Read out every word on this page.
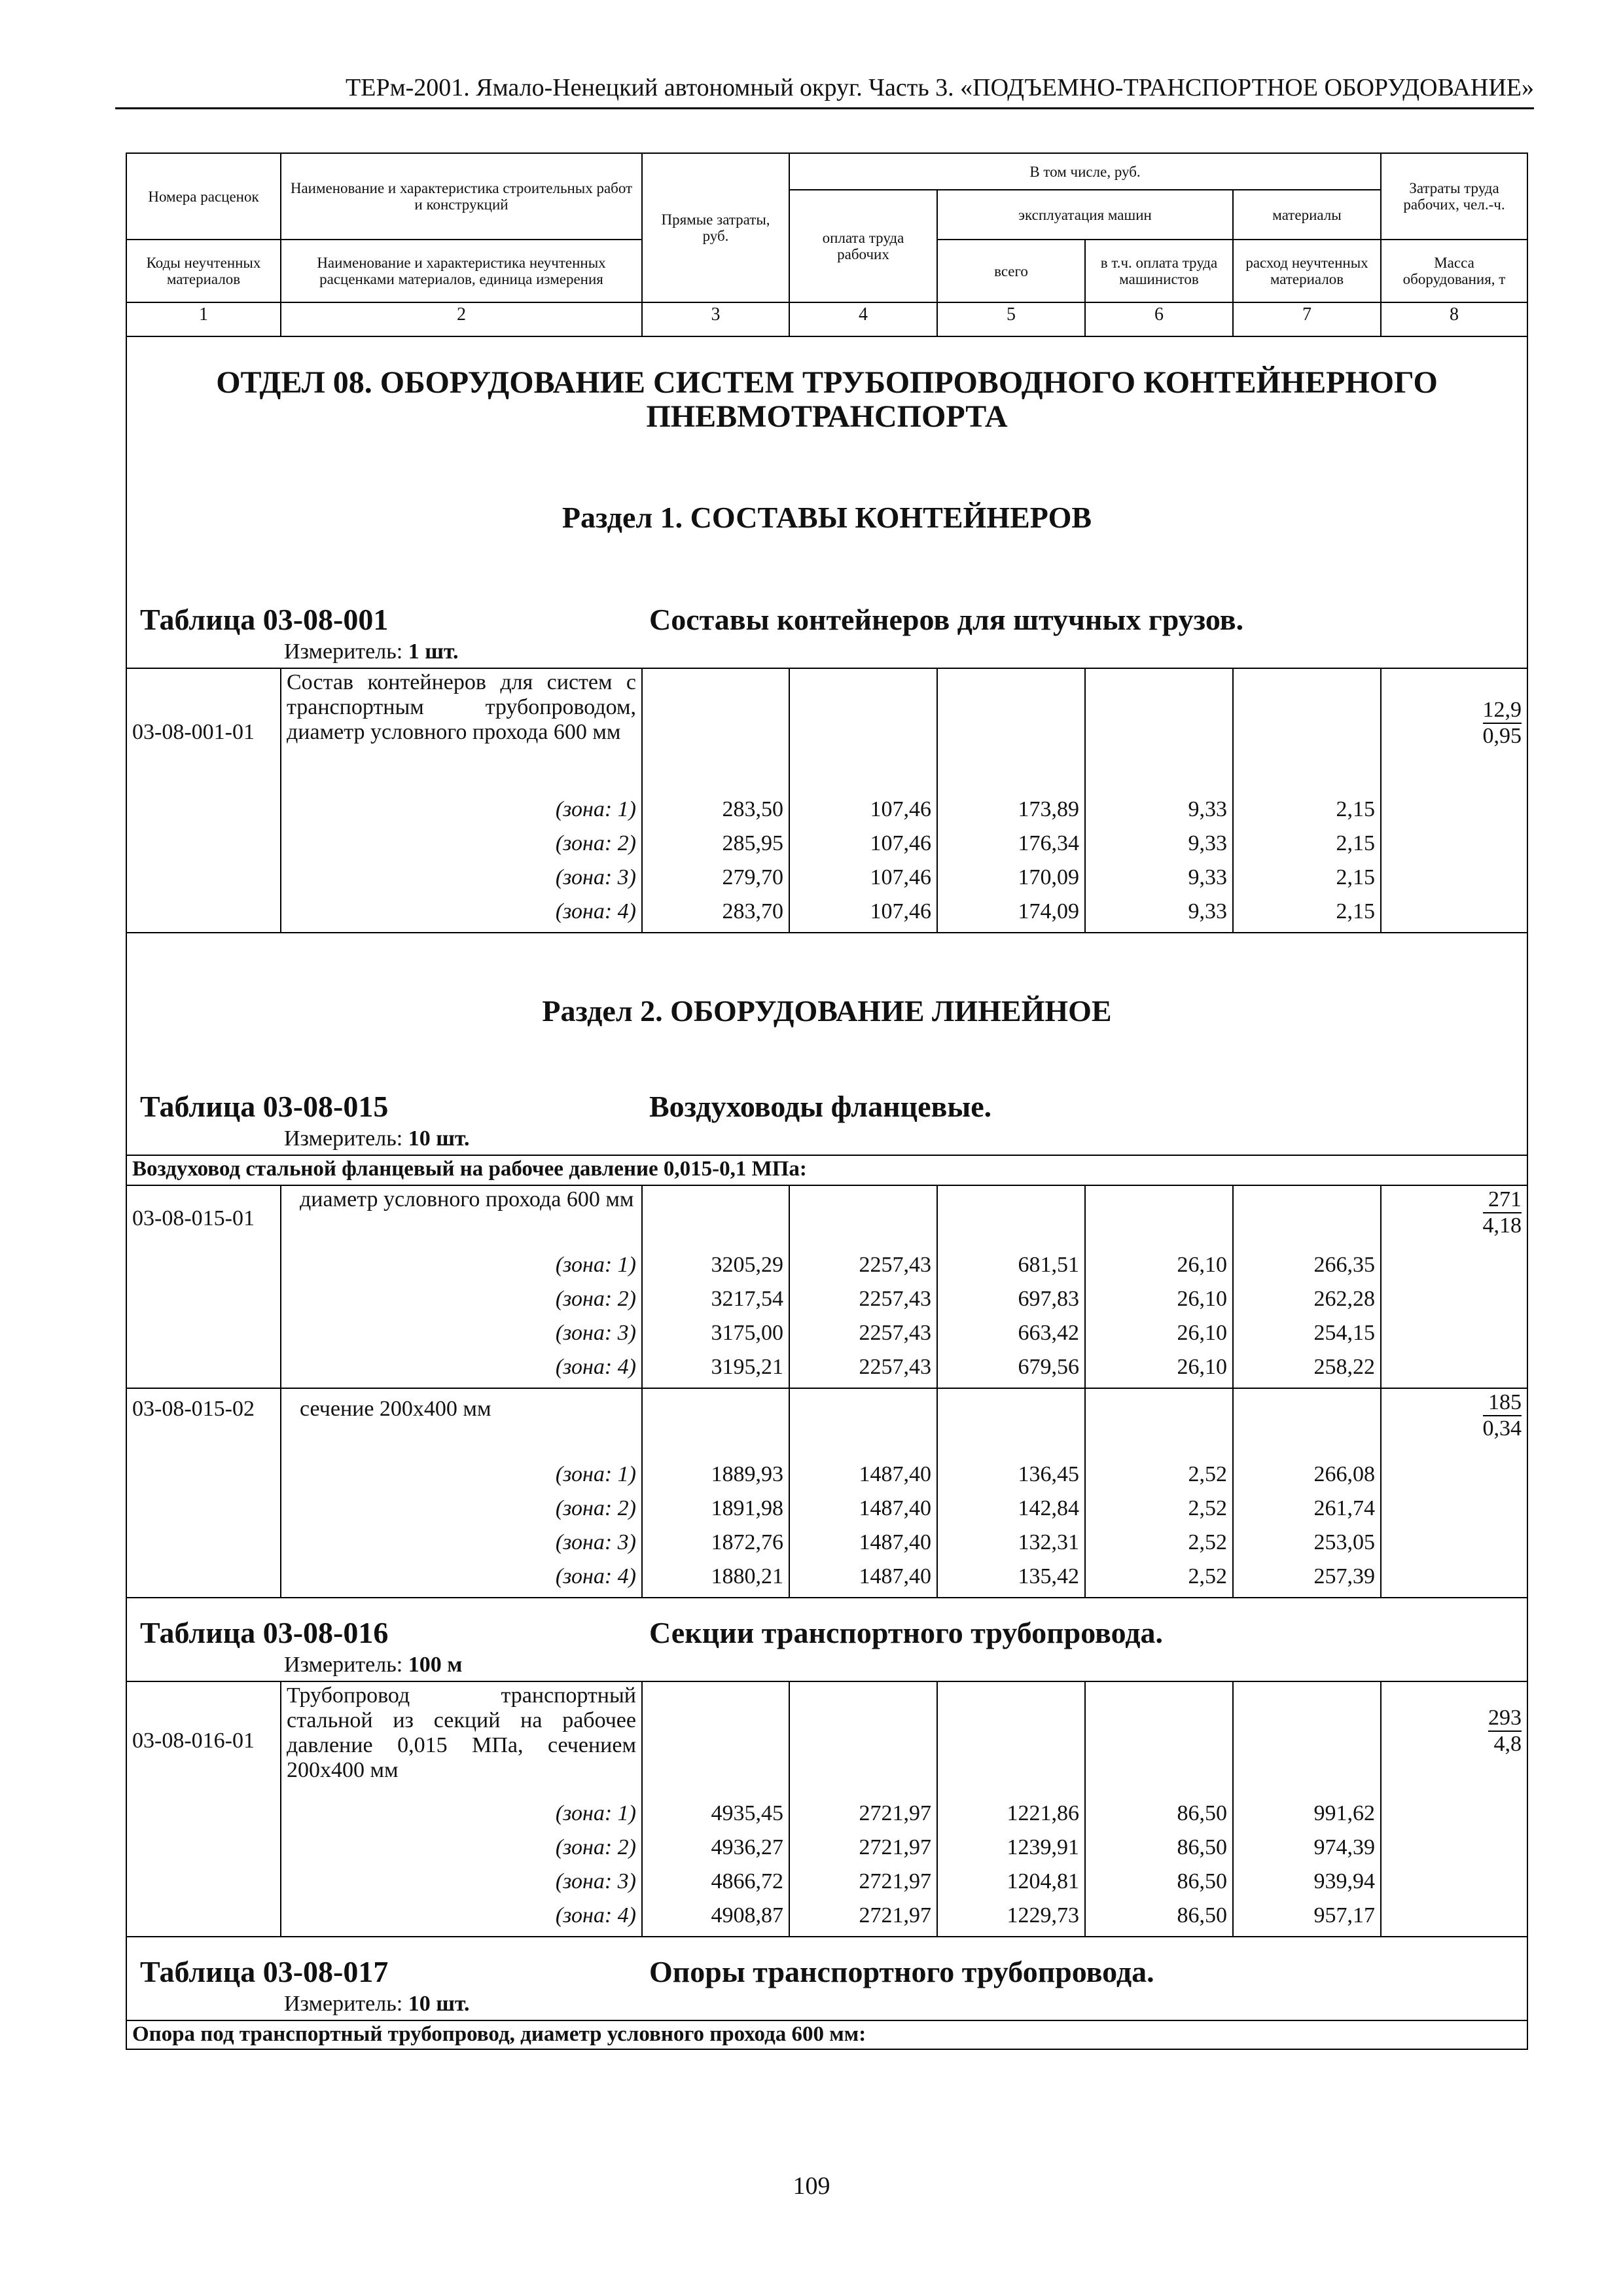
ТЕРм-2001. Ямало-Ненецкий автономный округ. Часть 3. «ПОДЪЕМНО-ТРАНСПОРТНОЕ ОБОРУДОВАНИЕ»
Номера расценок	Наименование и характеристика строительных работ и конструкций	Прямые затраты, руб.	В том числе, руб.				Затраты труда рабочих, чел.-ч.
			оплата труда рабочих	эксплуатация машин		материалы	
Коды неучтенных материалов	Наименование и характеристика неучтенных расценками материалов, единица измерения			всего	в т.ч. оплата труда машинистов	расход неучтенных материалов	Масса оборудования, т
1	2	3	4	5	6	7	8
ОТДЕЛ 08. ОБОРУДОВАНИЕ СИСТЕМ ТРУБОПРОВОДНОГО КОНТЕЙНЕРНОГО ПНЕВМОТРАНСПОРТА							
Раздел 1. СОСТАВЫ КОНТЕЙНЕРОВ							
Таблица 03-08-001 Составы контейнеров для штучных грузов.							
Измеритель: 1 шт.							
03-08-001-01	Состав контейнеров для систем с транспортным трубопроводом, диаметр условного прохода 600 мм						$\frac{12,9}{0,95}$

	(зона: 1)	283,50	107,46	173,89	9,33	2,15	
	(зона: 2)	285,95	107,46	176,34	9,33	2,15	
	(зона: 3)	279,70	107,46	170,09	9,33	2,15	
	(зона: 4)	283,70	107,46	174,09	9,33	2,15	
Раздел 2. ОБОРУДОВАНИЕ ЛИНЕЙНОЕ							
Таблица 03-08-015 Воздуховоды фланцевые.							
Измеритель: 10 шт.							
Воздуховод стальной фланцевый на рабочее давление 0,015-0,1 МПа:							
03-08-015-01	диаметр условного прохода 600 мм						$\frac{271}{4,18}$

	(зона: 1)	3205,29	2257,43	681,51	26,10	266,35	
	(зона: 2)	3217,54	2257,43	697,83	26,10	262,28	
	(зона: 3)	3175,00	2257,43	663,42	26,10	254,15	
	(зона: 4)	3195,21	2257,43	679,56	26,10	258,22	
03-08-015-02	сечение 200х400 мм						$\frac{185}{0,34}$

	(зона: 1)	1889,93	1487,40	136,45	2,52	266,08	
	(зона: 2)	1891,98	1487,40	142,84	2,52	261,74	
	(зона: 3)	1872,76	1487,40	132,31	2,52	253,05	
	(зона: 4)	1880,21	1487,40	135,42	2,52	257,39	
Таблица 03-08-016 Секции транспортного трубопровода.							
Измеритель: 100 м							
03-08-016-01	Трубопровод транспортный стальной из секций на рабочее давление 0,015 МПа, сечением 200х400 мм						$\frac{293}{4,8}$

	(зона: 1)	4935,45	2721,97	1221,86	86,50	991,62	
	(зона: 2)	4936,27	2721,97	1239,91	86,50	974,39	
	(зона: 3)	4866,72	2721,97	1204,81	86,50	939,94	
	(зона: 4)	4908,87	2721,97	1229,73	86,50	957,17	
Таблица 03-08-017 Опоры транспортного трубопровода.							
Измеритель: 10 шт.							
Опора под транспортный трубопровод, диаметр условного прохода 600 мм:							
109
